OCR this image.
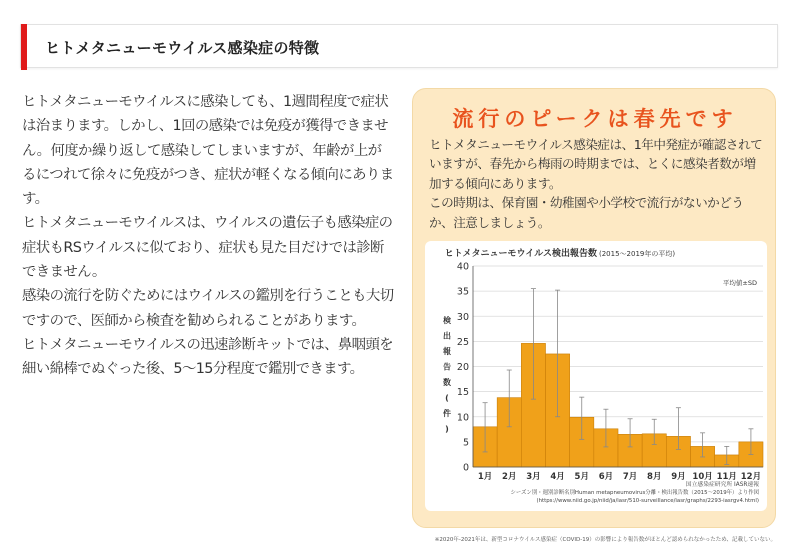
ヒトメタニューモウイルス感染症の特徴

ヒトメタニューモウイルスに感染しても、1週間程度で症状は治まります。しかし、1回の感染では免疫が獲得できません。何度か繰り返して感染してしまいますが、年齢が上がるにつれて徐々に免疫がつき、症状が軽くなる傾向にあります。

ヒトメタニューモウイルスは、ウイルスの遺伝子も感染症の症状もRSウイルスに似ており、症状も見た目だけでは診断できません。

感染の流行を防ぐためにはウイルスの鑑別を行うことも大切ですので、医師から検査を勧められることがあります。

ヒトメタニューモウイルスの迅速診断キットでは、鼻咽頭を細い綿棒でぬぐった後、5〜15分程度で鑑別できます。

流行のピークは春先です

ヒトメタニューモウイルス感染症は、1年中発症が確認されていますが、春先から梅雨の時期までは、とくに感染者数が増加する傾向にあります。

この時期は、保育園・幼稚園や小学校で流行がないかどうか、注意しましょう。

ヒトメタニューモウイルス検出報告数 (2015〜2019年の平均)
平均値±SD
検
出
報
告
数
(
件
)
0
5
10
15
20
25
30
35
40
1月 2月 3月 4月 5月 6月 7月 8月 9月 10月 11月 12月
国立感染症研究所 IASR速報
シーズン別・週別診断名別Human metapneumovirus分離・検出報告数（2015〜2019年）より作図
(https://www.niid.go.jp/niid/ja/iasr/510-surveillance/iasr/graphs/2293-iasrgv4.html)
※2020年-2021年は、新型コロナウイルス感染症（COVID-19）の影響により報告数がほとんど認められなかったため、記載していない。
